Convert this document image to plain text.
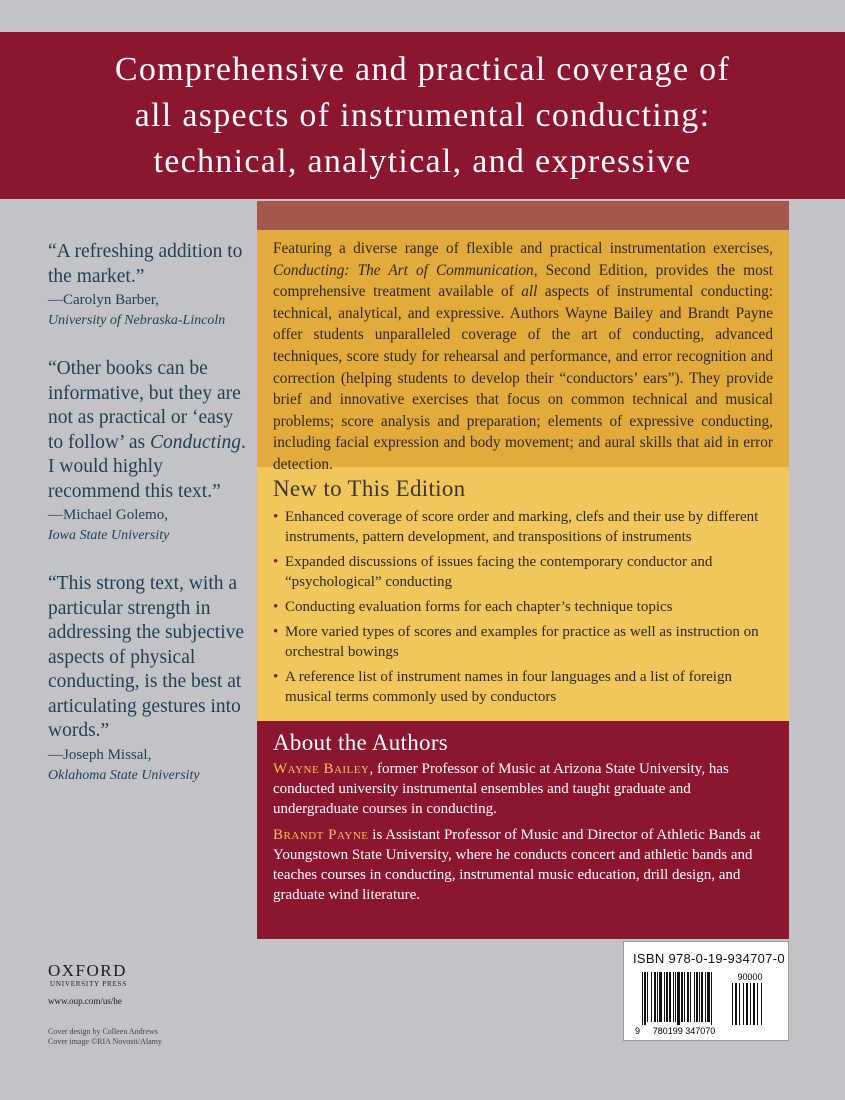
Comprehensive and practical coverage of
all aspects of instrumental conducting:
technical, analytical, and expressive
“A refreshing addition to the market.”
—Carolyn Barber,
University of Nebraska-Lincoln
“Other books can be informative, but they are not as practical or ‘easy to follow’ as Conducting. I would highly recommend this text.”
—Michael Golemo,
Iowa State University
“This strong text, with a particular strength in addressing the subjective aspects of physical conducting, is the best at articulating gestures into words.”
—Joseph Missal,
Oklahoma State University
Featuring a diverse range of flexible and practical instrumentation exercises, Conducting: The Art of Communication, Second Edition, provides the most comprehensive treatment available of all aspects of instrumental conducting: technical, analytical, and expressive. Authors Wayne Bailey and Brandt Payne offer students unparalleled coverage of the art of conducting, advanced techniques, score study for rehearsal and performance, and error recognition and correction (helping students to develop their “conductors’ ears”). They provide brief and innovative exercises that focus on common technical and musical problems; score analysis and preparation; elements of expressive conducting, including facial expression and body movement; and aural skills that aid in error detection.
New to This Edition
• Enhanced coverage of score order and marking, clefs and their use by different instruments, pattern development, and transpositions of instruments
• Expanded discussions of issues facing the contemporary conductor and “psychological” conducting
• Conducting evaluation forms for each chapter’s technique topics
• More varied types of scores and examples for practice as well as instruction on orchestral bowings
• A reference list of instrument names in four languages and a list of foreign musical terms commonly used by conductors
About the Authors

Wayne Bailey, former Professor of Music at Arizona State University, has conducted university instrumental ensembles and taught graduate and undergraduate courses in conducting.

Brandt Payne is Assistant Professor of Music and Director of Athletic Bands at Youngstown State University, where he conducts concert and athletic bands and teaches courses in conducting, instrumental music education, drill design, and graduate wind literature.

OXFORD
UNIVERSITY PRESS
www.oup.com/us/he
Cover design by Colleen Andrews
Cover image ©RIA Novosti/Alamy
ISBN 978-0-19-934707-0
90000
9 780199 347070
